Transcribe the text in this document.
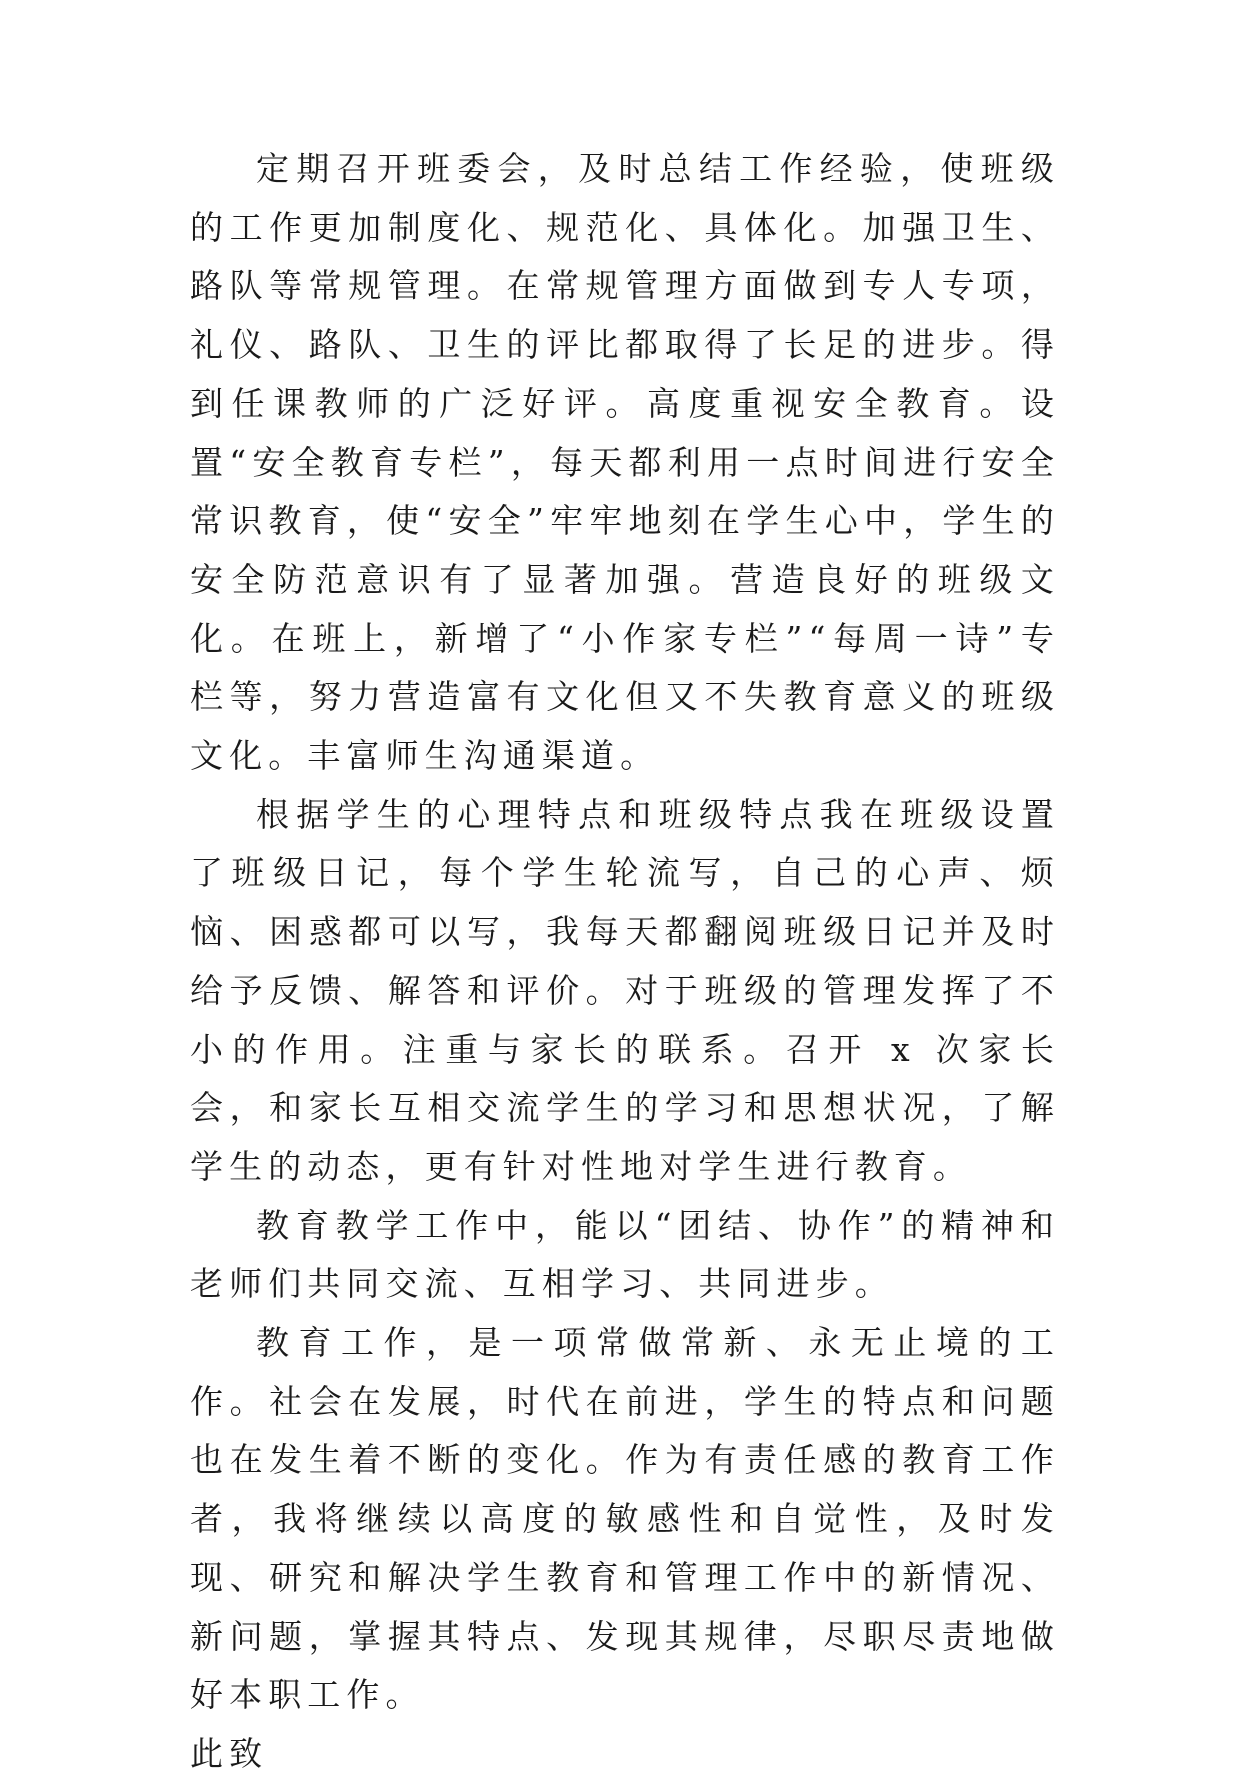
定期召开班委会，及时总结工作经验，使班级的工作更加制度化、规范化、具体化。加强卫生、路队等常规管理。在常规管理方面做到专人专项，礼仪、路队、卫生的评比都取得了长足的进步。得到任课教师的广泛好评。高度重视安全教育。设置“安全教育专栏”，每天都利用一点时间进行安全常识教育，使“安全”牢牢地刻在学生心中，学生的安全防范意识有了显著加强。营造良好的班级文化。在班上，新增了“小作家专栏”“每周一诗”专栏等，努力营造富有文化但又不失教育意义的班级文化。丰富师生沟通渠道。

根据学生的心理特点和班级特点我在班级设置了班级日记，每个学生轮流写，自己的心声、烦恼、困惑都可以写，我每天都翻阅班级日记并及时给予反馈、解答和评价。对于班级的管理发挥了不小的作用。注重与家长的联系。召开 x 次家长会，和家长互相交流学生的学习和思想状况，了解学生的动态，更有针对性地对学生进行教育。

教育教学工作中，能以“团结、协作”的精神和老师们共同交流、互相学习、共同进步。

教育工作，是一项常做常新、永无止境的工作。社会在发展，时代在前进，学生的特点和问题也在发生着不断的变化。作为有责任感的教育工作者，我将继续以高度的敏感性和自觉性，及时发现、研究和解决学生教育和管理工作中的新情况、新问题，掌握其特点、发现其规律，尽职尽责地做好本职工作。

此致
